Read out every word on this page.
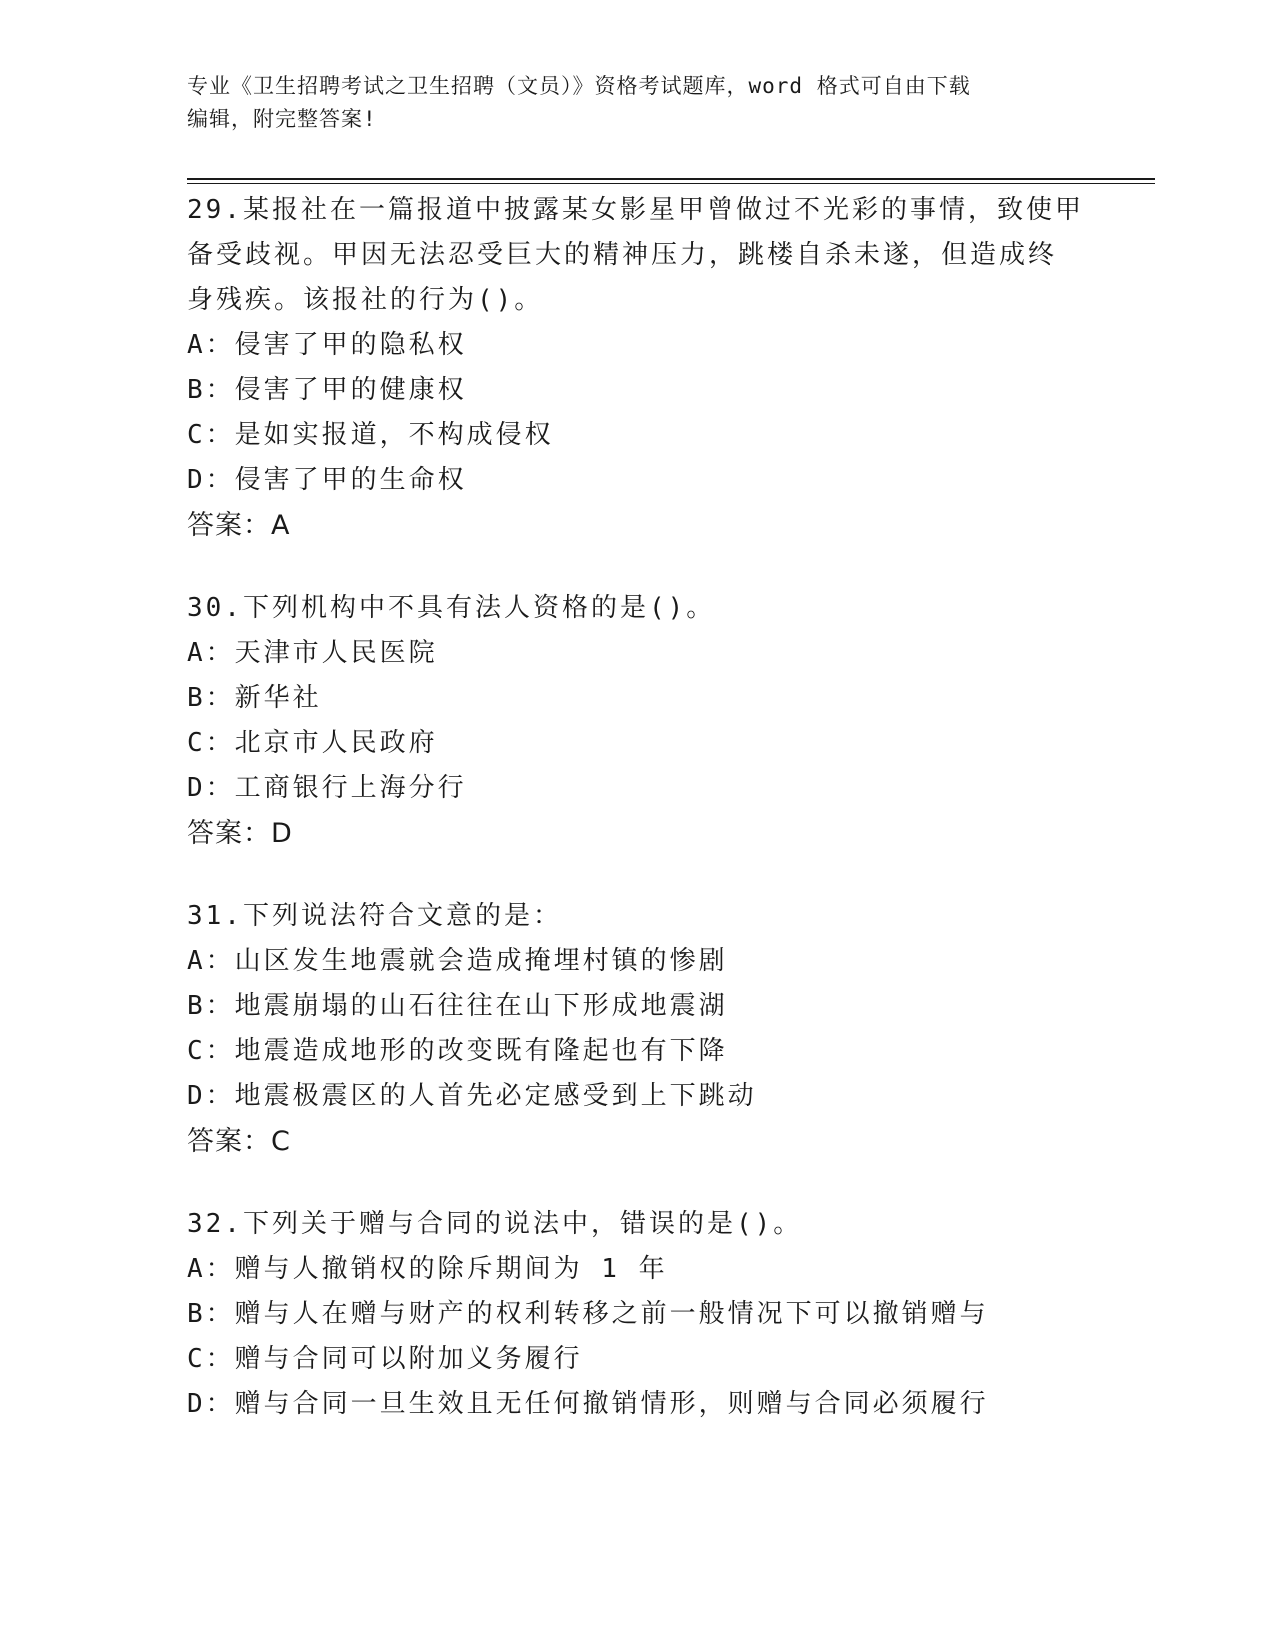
专业《卫生招聘考试之卫生招聘（文员）》资格考试题库，word 格式可自由下载
编辑，附完整答案!
29.某报社在一篇报道中披露某女影星甲曾做过不光彩的事情，致使甲
备受歧视。甲因无法忍受巨大的精神压力，跳楼自杀未遂，但造成终
身残疾。该报社的行为()。
A：侵害了甲的隐私权
B：侵害了甲的健康权
C：是如实报道，不构成侵权
D：侵害了甲的生命权
答案：A
30.下列机构中不具有法人资格的是()。
A：天津市人民医院
B：新华社
C：北京市人民政府
D：工商银行上海分行
答案：D
31.下列说法符合文意的是：
A：山区发生地震就会造成掩埋村镇的惨剧
B：地震崩塌的山石往往在山下形成地震湖
C：地震造成地形的改变既有隆起也有下降
D：地震极震区的人首先必定感受到上下跳动
答案：C
32.下列关于赠与合同的说法中，错误的是()。
A：赠与人撤销权的除斥期间为 1 年
B：赠与人在赠与财产的权利转移之前一般情况下可以撤销赠与
C：赠与合同可以附加义务履行
D：赠与合同一旦生效且无任何撤销情形，则赠与合同必须履行
